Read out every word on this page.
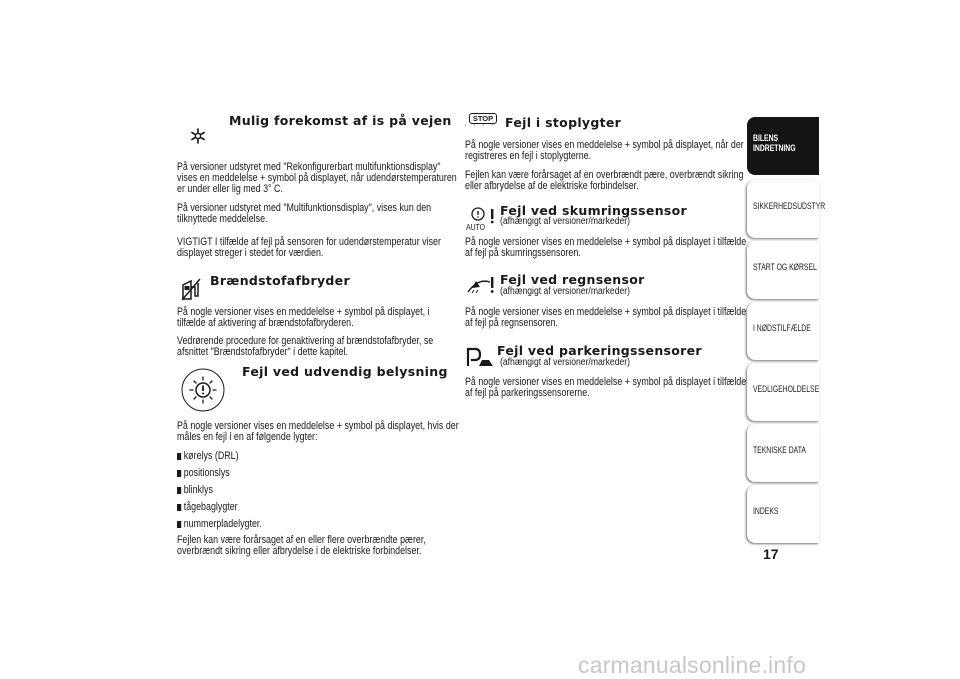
Mulig forekomst af is på vejen

På versioner udstyret med "Rekonfigurerbart multifunktionsdisplay"

vises en meddelelse + symbol på displayet, når udendørstemperaturen

er under eller lig med 3° C.

På versioner udstyret med "Multifunktionsdisplay", vises kun den

tilknyttede meddelelse.

VIGTIGT I tilfælde af fejl på sensoren for udendørstemperatur viser

displayet streger i stedet for værdien.

Brændstofafbryder

På nogle versioner vises en meddelelse + symbol på displayet, i

tilfælde af aktivering af brændstofafbryderen.

Vedrørende procedure for genaktivering af brændstofafbryder, se

afsnittet "Brændstofafbryder" i dette kapitel.

Fejl ved udvendig belysning

På nogle versioner vises en meddelelse + symbol på displayet, hvis der

måles en fejl i en af følgende lygter:

kørelys (DRL)
positionslys
blinklys
tågebaglygter
nummerpladelygter.

Fejlen kan være forårsaget af en eller flere overbrændte pærer,

overbrændt sikring eller afbrydelse i de elektriske forbindelser.

STOP
' ' ' ' Fejl i stoplygter

På nogle versioner vises en meddelelse + symbol på displayet, når der

registreres en fejl i stoplygterne.

Fejlen kan være forårsaget af en overbrændt pære, overbrændt sikring

eller afbrydelse af de elektriske forbindelser.

AUTO
Fejl ved skumringssensor
(afhængigt af versioner/markeder)

På nogle versioner vises en meddelelse + symbol på displayet i tilfælde

af fejl på skumringssensoren.

Fejl ved regnsensor
(afhængigt af versioner/markeder)

På nogle versioner vises en meddelelse + symbol på displayet i tilfælde

af fejl på regnsensoren.

Fejl ved parkeringssensorer
(afhængigt af versioner/markeder)

På nogle versioner vises en meddelelse + symbol på displayet i tilfælde

af fejl på parkeringssensorerne.

BILENS
INDRETNING
SIKKERHEDSUDSTYR
START OG KØRSEL
I NØDSTILFÆLDE
VEDLIGEHOLDELSE
TEKNISKE DATA
INDEKS
17
carmanualsonline.info
